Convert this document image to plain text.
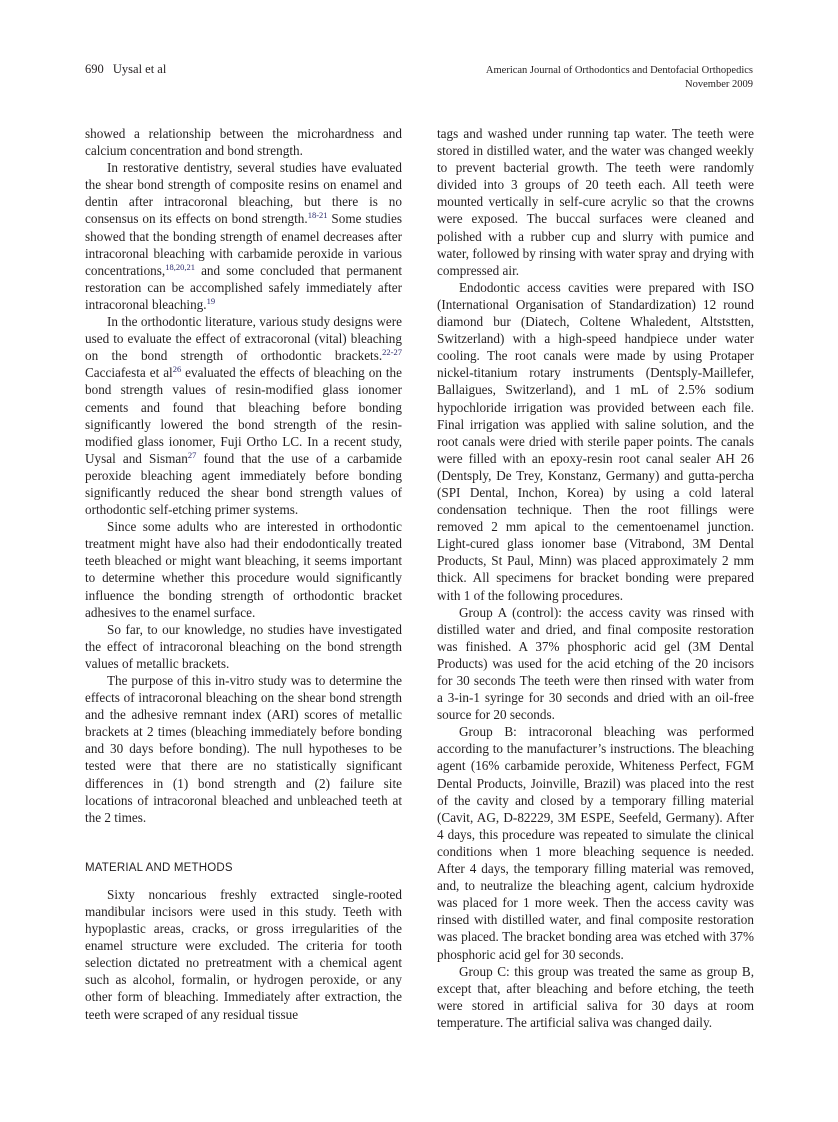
690 Uysal et al	American Journal of Orthodontics and Dentofacial Orthopedics
November 2009

showed a relationship between the microhardness and calcium concentration and bond strength.

In restorative dentistry, several studies have evaluated the shear bond strength of composite resins on enamel and dentin after intracoronal bleaching, but there is no consensus on its effects on bond strength.$^{18-21}$ Some studies showed that the bonding strength of enamel decreases after intracoronal bleaching with carbamide peroxide in various concentrations,$^{18,20,21}$ and some concluded that permanent restoration can be accomplished safely immediately after intracoronal bleaching.$^{19}$

In the orthodontic literature, various study designs were used to evaluate the effect of extracoronal (vital) bleaching on the bond strength of orthodontic brackets.$^{22-27}$ Cacciafesta et $al^{26}$ evaluated the effects of bleaching on the bond strength values of resin-modified glass ionomer cements and found that bleaching before bonding significantly lowered the bond strength of the resin-modified glass ionomer, Fuji Ortho LC. In a recent study, Uysal and Sisman$^{27}$ found that the use of a carbamide peroxide bleaching agent immediately before bonding significantly reduced the shear bond strength values of orthodontic self-etching primer systems.

Since some adults who are interested in orthodontic treatment might have also had their endodontically treated teeth bleached or might want bleaching, it seems important to determine whether this procedure would significantly influence the bonding strength of orthodontic bracket adhesives to the enamel surface.

So far, to our knowledge, no studies have investigated the effect of intracoronal bleaching on the bond strength values of metallic brackets.

The purpose of this in-vitro study was to determine the effects of intracoronal bleaching on the shear bond strength and the adhesive remnant index (ARI) scores of metallic brackets at 2 times (bleaching immediately before bonding and 30 days before bonding). The null hypotheses to be tested were that there are no statistically significant differences in (1) bond strength and (2) failure site locations of intracoronal bleached and unbleached teeth at the 2 times.

MATERIAL AND METHODS

Sixty noncarious freshly extracted single-rooted mandibular incisors were used in this study. Teeth with hypoplastic areas, cracks, or gross irregularities of the enamel structure were excluded. The criteria for tooth selection dictated no pretreatment with a chemical agent such as alcohol, formalin, or hydrogen peroxide, or any other form of bleaching. Immediately after extraction, the teeth were scraped of any residual tissue

tags and washed under running tap water. The teeth were stored in distilled water, and the water was changed weekly to prevent bacterial growth. The teeth were randomly divided into 3 groups of 20 teeth each. All teeth were mounted vertically in self-cure acrylic so that the crowns were exposed. The buccal surfaces were cleaned and polished with a rubber cup and slurry with pumice and water, followed by rinsing with water spray and drying with compressed air.

Endodontic access cavities were prepared with ISO (International Organisation of Standardization) 12 round diamond bur (Diatech, Coltene Whaledent, Altststten, Switzerland) with a high-speed handpiece under water cooling. The root canals were made by using Protaper nickel-titanium rotary instruments (Dentsply-Maillefer, Ballaigues, Switzerland), and 1 mL of 2.5% sodium hypochloride irrigation was provided between each file. Final irrigation was applied with saline solution, and the root canals were dried with sterile paper points. The canals were filled with an epoxy-resin root canal sealer AH 26 (Dentsply, De Trey, Konstanz, Germany) and gutta-percha (SPI Dental, Inchon, Korea) by using a cold lateral condensation technique. Then the root fillings were removed 2 mm apical to the cementoenamel junction. Light-cured glass ionomer base (Vitrabond, 3M Dental Products, St Paul, Minn) was placed approximately 2 mm thick. All specimens for bracket bonding were prepared with 1 of the following procedures.

Group A (control): the access cavity was rinsed with distilled water and dried, and final composite restoration was finished. A 37% phosphoric acid gel (3M Dental Products) was used for the acid etching of the 20 incisors for 30 seconds The teeth were then rinsed with water from a 3-in-1 syringe for 30 seconds and dried with an oil-free source for 20 seconds.

Group B: intracoronal bleaching was performed according to the manufacturer’s instructions. The bleaching agent (16% carbamide peroxide, Whiteness Perfect, FGM Dental Products, Joinville, Brazil) was placed into the rest of the cavity and closed by a temporary filling material (Cavit, AG, D-82229, 3M ESPE, Seefeld, Germany). After 4 days, this procedure was repeated to simulate the clinical conditions when 1 more bleaching sequence is needed. After 4 days, the temporary filling material was removed, and, to neutralize the bleaching agent, calcium hydroxide was placed for 1 more week. Then the access cavity was rinsed with distilled water, and final composite restoration was placed. The bracket bonding area was etched with 37% phosphoric acid gel for 30 seconds.

Group C: this group was treated the same as group B, except that, after bleaching and before etching, the teeth were stored in artificial saliva for 30 days at room temperature. The artificial saliva was changed daily.
